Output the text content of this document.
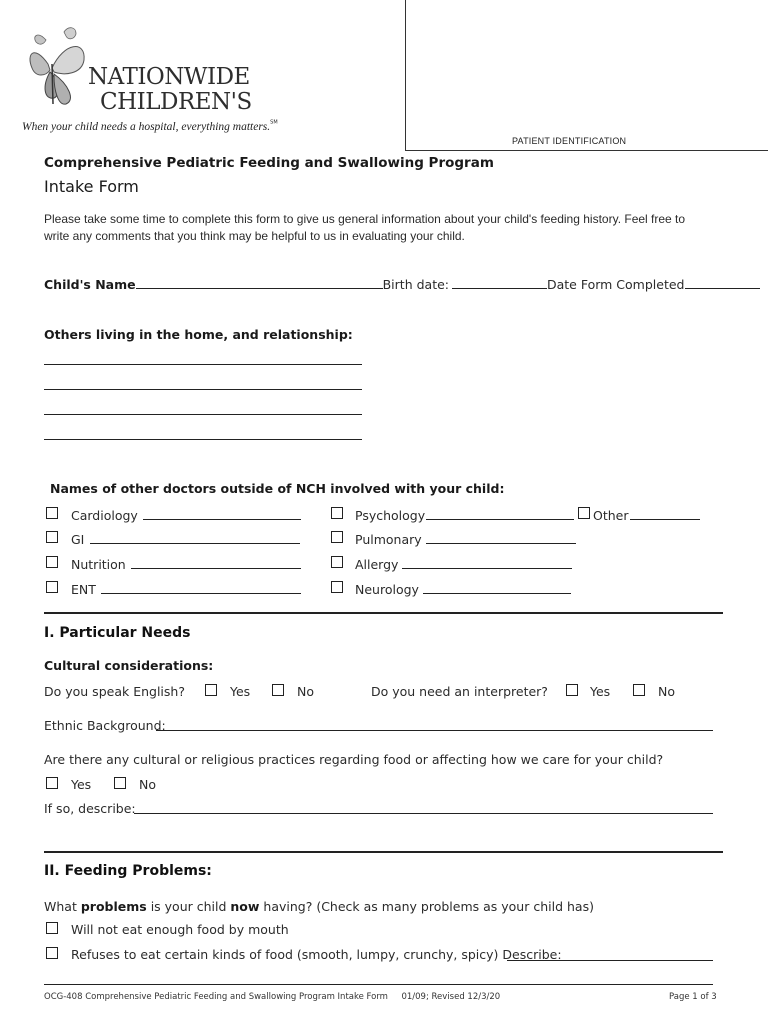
NATIONWIDE
CHILDREN'S
When your child needs a hospital, everything matters.℠
PATIENT IDENTIFICATION
Comprehensive Pediatric Feeding and Swallowing Program
Intake Form
Please take some time to complete this form to give us general information about your child's feeding history. Feel free to
write any comments that you think may be helpful to us in evaluating your child.
Child's Name	Birth date:	Date Form Completed
Others living in the home, and relationship:
Names of other doctors outside of NCH involved with your child:
Cardiology
GI
Nutrition
ENT
Psychology
Pulmonary
Allergy
Neurology
Other
I. Particular Needs
Cultural considerations:
Do you speak English?	Yes	No	Do you need an interpreter?	Yes	No
Ethnic Background:
Are there any cultural or religious practices regarding food or affecting how we care for your child?
Yes	No
If so, describe:
II. Feeding Problems:
What problems is your child now having? (Check as many problems as your child has)
Will not eat enough food by mouth
Refuses to eat certain kinds of food (smooth, lumpy, crunchy, spicy) Describe:
OCG-408 Comprehensive Pediatric Feeding and Swallowing Program Intake Form     01/09; Revised 12/3/20	Page 1 of 3
